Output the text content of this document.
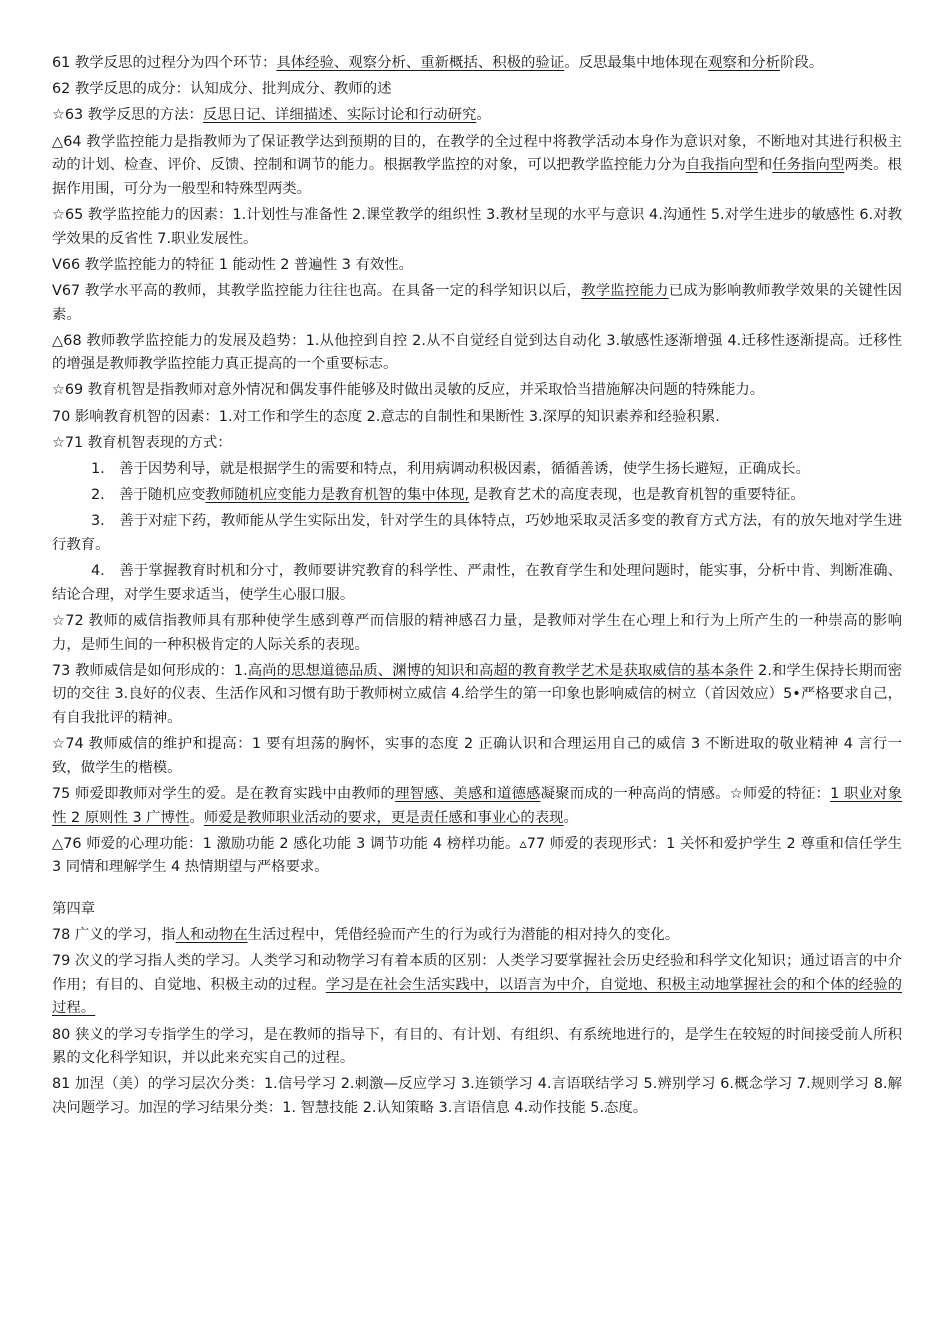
61 教学反思的过程分为四个环节：具体经验、观察分析、重新概括、积极的验证。反思最集中地体现在观察和分析阶段。

62 教学反思的成分：认知成分、批判成分、教师的述

☆63 教学反思的方法：反思日记、详细描述、实际讨论和行动研究。

△64 教学监控能力是指教师为了保证教学达到预期的目的，在教学的全过程中将教学活动本身作为意识对象，不断地对其进行积极主动的计划、检查、评价、反馈、控制和调节的能力。根据教学监控的对象，可以把教学监控能力分为自我指向型和任务指向型两类。根据作用围，可分为一般型和特殊型两类。

☆65 教学监控能力的因素：1.计划性与准备性 2.课堂教学的组织性 3.教材呈现的水平与意识 4.沟通性 5.对学生进步的敏感性 6.对教学效果的反省性 7.职业发展性。

V66 教学监控能力的特征 1 能动性 2 普遍性 3 有效性。

V67 教学水平高的教师，其教学监控能力往往也高。在具备一定的科学知识以后，教学监控能力已成为影响教师教学效果的关键性因素。

△68 教师教学监控能力的发展及趋势：1.从他控到自控 2.从不自觉经自觉到达自动化 3.敏感性逐渐增强 4.迁移性逐渐提高。迁移性的增强是教师教学监控能力真正提高的一个重要标志。

☆69 教育机智是指教师对意外情况和偶发事件能够及时做出灵敏的反应，并采取恰当措施解决问题的特殊能力。

70 影响教育机智的因素：1.对工作和学生的态度 2.意志的自制性和果断性 3.深厚的知识素养和经验积累.

☆71 教育机智表现的方式：

1.　善于因势利导，就是根据学生的需要和特点，利用病调动积极因素，循循善诱，使学生扬长避短，正确成长。

2.　善于随机应变教师随机应变能力是教育机智的集中体现, 是教育艺术的高度表现，也是教育机智的重要特征。

3.　善于对症下药，教师能从学生实际出发，针对学生的具体特点，巧妙地采取灵活多变的教育方式方法，有的放矢地对学生进行教育。

4.　善于掌握教育时机和分寸，教师要讲究教育的科学性、严肃性，在教育学生和处理问题时，能实事，分析中肯、判断准确、结论合理，对学生要求适当，使学生心服口服。

☆72 教师的威信指教师具有那种使学生感到尊严而信服的精神感召力量，是教师对学生在心理上和行为上所产生的一种崇高的影响力，是师生间的一种积极肯定的人际关系的表现。

73 教师威信是如何形成的：1.高尚的思想道德品质、渊博的知识和高超的教育教学艺术是获取威信的基本条件 2.和学生保持长期而密切的交往 3.良好的仪表、生活作风和习惯有助于教师树立威信 4.给学生的第一印象也影响威信的树立（首因效应）5•严格要求自己，有自我批评的精神。

☆74 教师威信的维护和提高：1 要有坦荡的胸怀，实事的态度 2 正确认识和合理运用自己的威信 3 不断进取的敬业精神 4 言行一致，做学生的楷模。

75 师爱即教师对学生的爱。是在教育实践中由教师的理智感、美感和道德感凝聚而成的一种高尚的情感。☆师爱的特征：1 职业对象性 2 原则性 3 广博性。师爱是教师职业活动的要求，更是责任感和事业心的表现。

△76 师爱的心理功能：1 激励功能 2 感化功能 3 调节功能 4 榜样功能。▵77 师爱的表现形式：1 关怀和爱护学生 2 尊重和信任学生 3 同情和理解学生 4 热情期望与严格要求。

第四章

78 广义的学习，指人和动物在生活过程中，凭借经验而产生的行为或行为潜能的相对持久的变化。

79 次义的学习指人类的学习。人类学习和动物学习有着本质的区别：人类学习要掌握社会历史经验和科学文化知识；通过语言的中介作用；有目的、自觉地、积极主动的过程。学习是在社会生活实践中，以语言为中介，自觉地、积极主动地掌握社会的和个体的经验的过程。

80 狭义的学习专指学生的学习，是在教师的指导下，有目的、有计划、有组织、有系统地进行的，是学生在较短的时间接受前人所积累的文化科学知识，并以此来充实自己的过程。

81 加涅（美）的学习层次分类：1.信号学习 2.刺激—反应学习 3.连锁学习 4.言语联结学习 5.辨别学习 6.概念学习 7.规则学习 8.解决问题学习。加涅的学习结果分类：1. 智慧技能 2.认知策略 3.言语信息 4.动作技能 5.态度。
